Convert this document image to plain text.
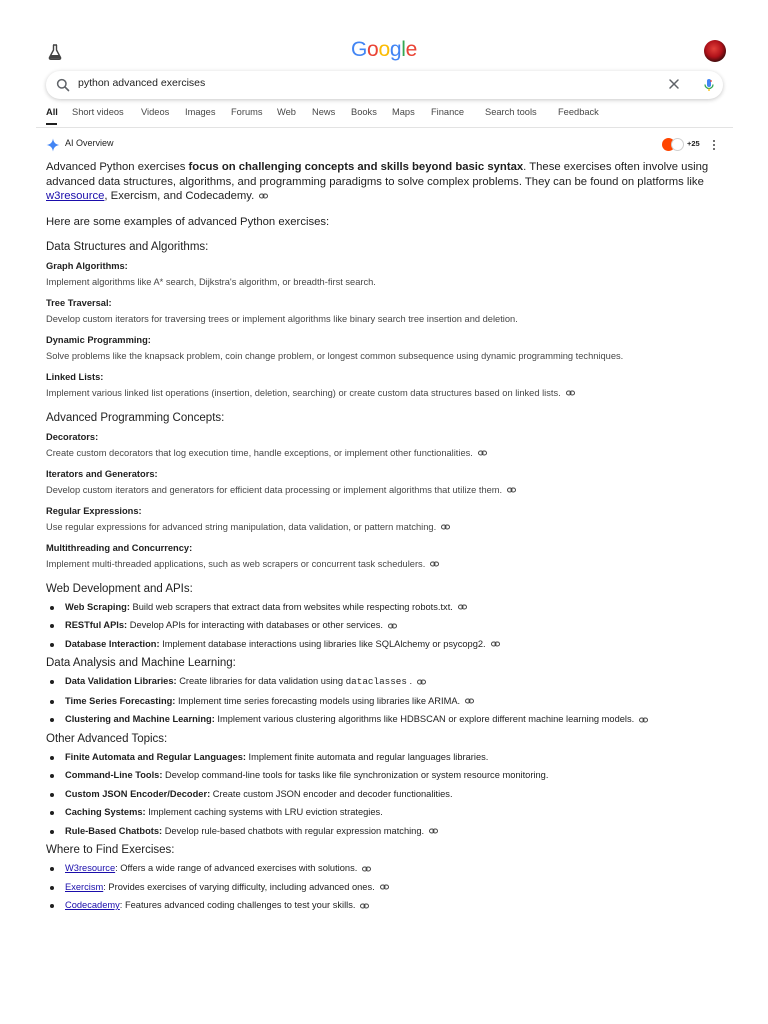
Google
python advanced exercises
All Short videos Videos Images Forums Web News Books Maps Finance Search tools Feedback
AI Overview	+25

Advanced Python exercises focus on challenging concepts and skills beyond basic syntax. These exercises often involve using advanced data structures, algorithms, and programming paradigms to solve complex problems. They can be found on platforms like w3resource, Exercism, and Codecademy.

Here are some examples of advanced Python exercises:

Data Structures and Algorithms:
Graph Algorithms:
Implement algorithms like A* search, Dijkstra's algorithm, or breadth-first search.
Tree Traversal:
Develop custom iterators for traversing trees or implement algorithms like binary search tree insertion and deletion.
Dynamic Programming:
Solve problems like the knapsack problem, coin change problem, or longest common subsequence using dynamic programming techniques.
Linked Lists:
Implement various linked list operations (insertion, deletion, searching) or create custom data structures based on linked lists.
Advanced Programming Concepts:
Decorators:
Create custom decorators that log execution time, handle exceptions, or implement other functionalities.
Iterators and Generators:
Develop custom iterators and generators for efficient data processing or implement algorithms that utilize them.
Regular Expressions:
Use regular expressions for advanced string manipulation, data validation, or pattern matching.
Multithreading and Concurrency:
Implement multi-threaded applications, such as web scrapers or concurrent task schedulers.
Web Development and APIs:
Web Scraping: Build web scrapers that extract data from websites while respecting robots.txt.
RESTful APIs: Develop APIs for interacting with databases or other services.
Database Interaction: Implement database interactions using libraries like SQLAlchemy or psycopg2.
Data Analysis and Machine Learning:
Data Validation Libraries: Create libraries for data validation using dataclasses .
Time Series Forecasting: Implement time series forecasting models using libraries like ARIMA.
Clustering and Machine Learning: Implement various clustering algorithms like HDBSCAN or explore different machine learning models.
Other Advanced Topics:
Finite Automata and Regular Languages: Implement finite automata and regular languages libraries.
Command-Line Tools: Develop command-line tools for tasks like file synchronization or system resource monitoring.
Custom JSON Encoder/Decoder: Create custom JSON encoder and decoder functionalities.
Caching Systems: Implement caching systems with LRU eviction strategies.
Rule-Based Chatbots: Develop rule-based chatbots with regular expression matching.
Where to Find Exercises:
W3resource: Offers a wide range of advanced exercises with solutions.
Exercism: Provides exercises of varying difficulty, including advanced ones.
Codecademy: Features advanced coding challenges to test your skills.
